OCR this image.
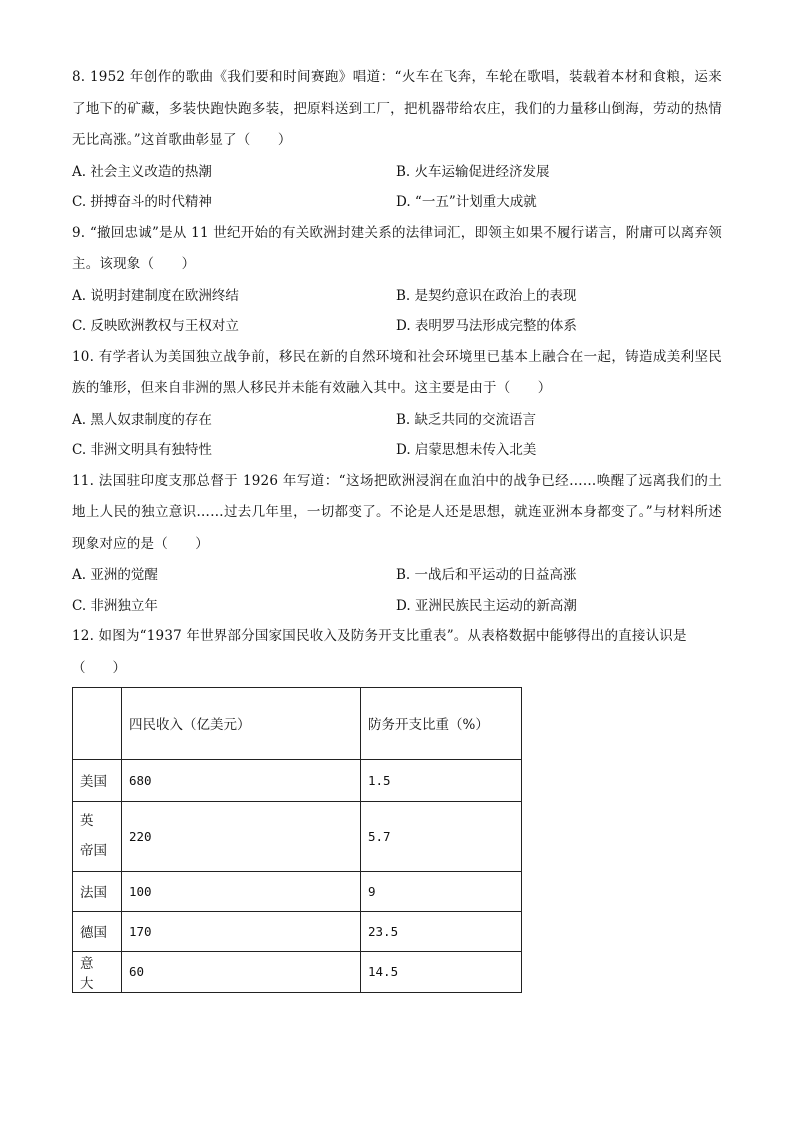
8. 1952 年创作的歌曲《我们要和时间赛跑》唱道：“火车在飞奔，车轮在歌唱，装载着本材和食粮，运来了地下的矿藏，多装快跑快跑多装，把原料送到工厂，把机器带给农庄，我们的力量移山倒海，劳动的热情无比高涨。”这首歌曲彰显了（　　）
A. 社会主义改造的热潮	B. 火车运输促进经济发展
C. 拼搏奋斗的时代精神	D. “一五”计划重大成就
9. “撤回忠诚”是从 11 世纪开始的有关欧洲封建关系的法律词汇，即领主如果不履行诺言，附庸可以离弃领主。该现象（　　）
A. 说明封建制度在欧洲终结	B. 是契约意识在政治上的表现
C. 反映欧洲教权与王权对立	D. 表明罗马法形成完整的体系
10. 有学者认为美国独立战争前，移民在新的自然环境和社会环境里已基本上融合在一起，铸造成美利坚民族的雏形，但来自非洲的黑人移民并未能有效融入其中。这主要是由于（　　）
A. 黑人奴隶制度的存在	B. 缺乏共同的交流语言
C. 非洲文明具有独特性	D. 启蒙思想未传入北美
11. 法国驻印度支那总督于 1926 年写道：“这场把欧洲浸润在血泊中的战争已经……唤醒了远离我们的土地上人民的独立意识……过去几年里，一切都变了。不论是人还是思想，就连亚洲本身都变了。”与材料所述现象对应的是（　　）
A. 亚洲的觉醒	B. 一战后和平运动的日益高涨
C. 非洲独立年	D. 亚洲民族民主运动的新高潮
12. 如图为“1937 年世界部分国家国民收入及防务开支比重表”。从表格数据中能够得出的直接认识是
（　　）
	四民收入（亿美元）	防务开支比重（%）
美国	680	1.5
英　帝国	220	5.7
法国	100	9
德国	170	23.5
意　大	60	14.5
